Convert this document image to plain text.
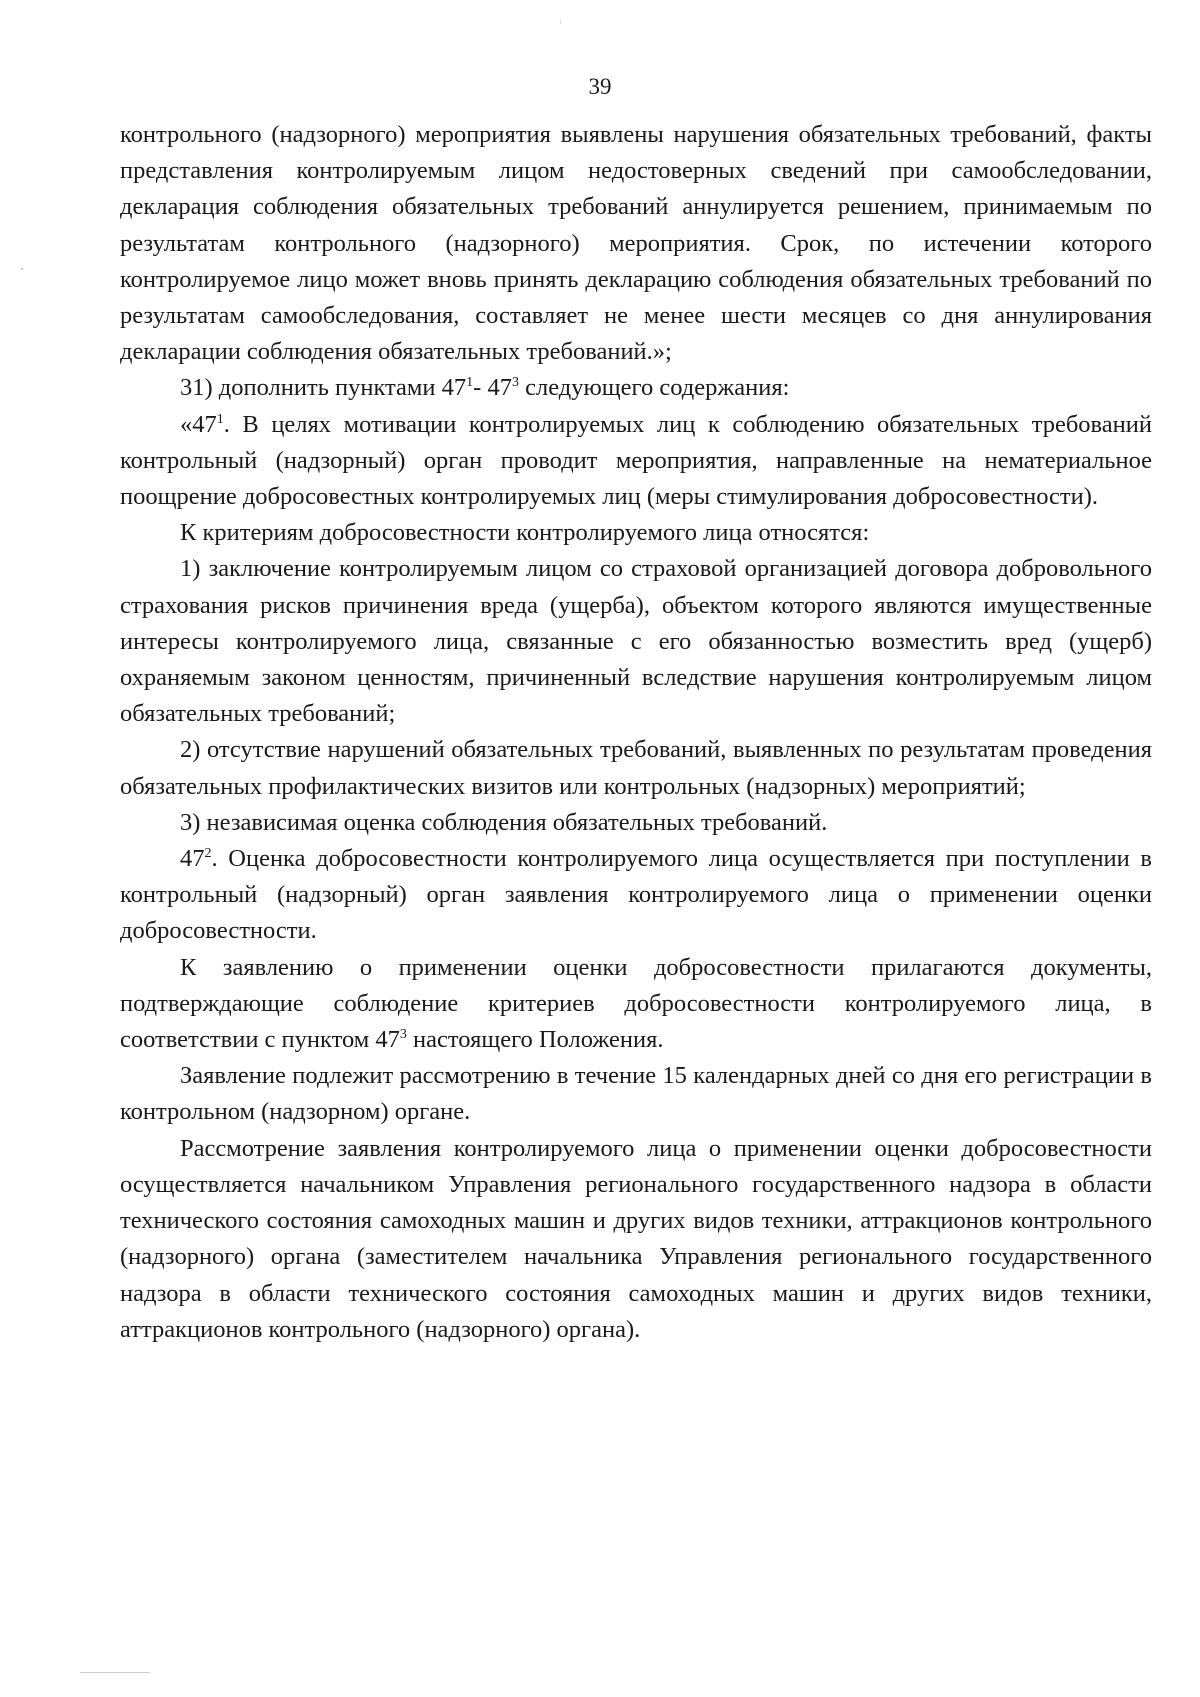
39

контрольного (надзорного) мероприятия выявлены нарушения обязательных требований, факты представления контролируемым лицом недостоверных сведений при самообследовании, декларация соблюдения обязательных требований аннулируется решением, принимаемым по результатам контрольного (надзорного) мероприятия. Срок, по истечении которого контролируемое лицо может вновь принять декларацию соблюдения обязательных требований по результатам самообследования, составляет не менее шести месяцев со дня аннулирования декларации соблюдения обязательных требований.»;

31) дополнить пунктами $47^1-$ $47^3$ следующего содержания:

«$47^1$. В целях мотивации контролируемых лиц к соблюдению обязательных требований контрольный (надзорный) орган проводит мероприятия, направленные на нематериальное поощрение добросовестных контролируемых лиц (меры стимулирования добросовестности).

К критериям добросовестности контролируемого лица относятся:

1) заключение контролируемым лицом со страховой организацией договора добровольного страхования рисков причинения вреда (ущерба), объектом которого являются имущественные интересы контролируемого лица, связанные с его обязанностью возместить вред (ущерб) охраняемым законом ценностям, причиненный вследствие нарушения контролируемым лицом обязательных требований;

2) отсутствие нарушений обязательных требований, выявленных по результатам проведения обязательных профилактических визитов или контрольных (надзорных) мероприятий;

3) независимая оценка соблюдения обязательных требований.

$47^2$. Оценка добросовестности контролируемого лица осуществляется при поступлении в контрольный (надзорный) орган заявления контролируемого лица о применении оценки добросовестности.

К заявлению о применении оценки добросовестности прилагаются документы, подтверждающие соблюдение критериев добросовестности контролируемого лица, в соответствии с пунктом $47^3$ настоящего Положения.

Заявление подлежит рассмотрению в течение 15 календарных дней со дня его регистрации в контрольном (надзорном) органе.

Рассмотрение заявления контролируемого лица о применении оценки добросовестности осуществляется начальником Управления регионального государственного надзора в области технического состояния самоходных машин и других видов техники, аттракционов контрольного (надзорного) органа (заместителем начальника Управления регионального государственного надзора в области технического состояния самоходных машин и других видов техники, аттракционов контрольного (надзорного) органа).
